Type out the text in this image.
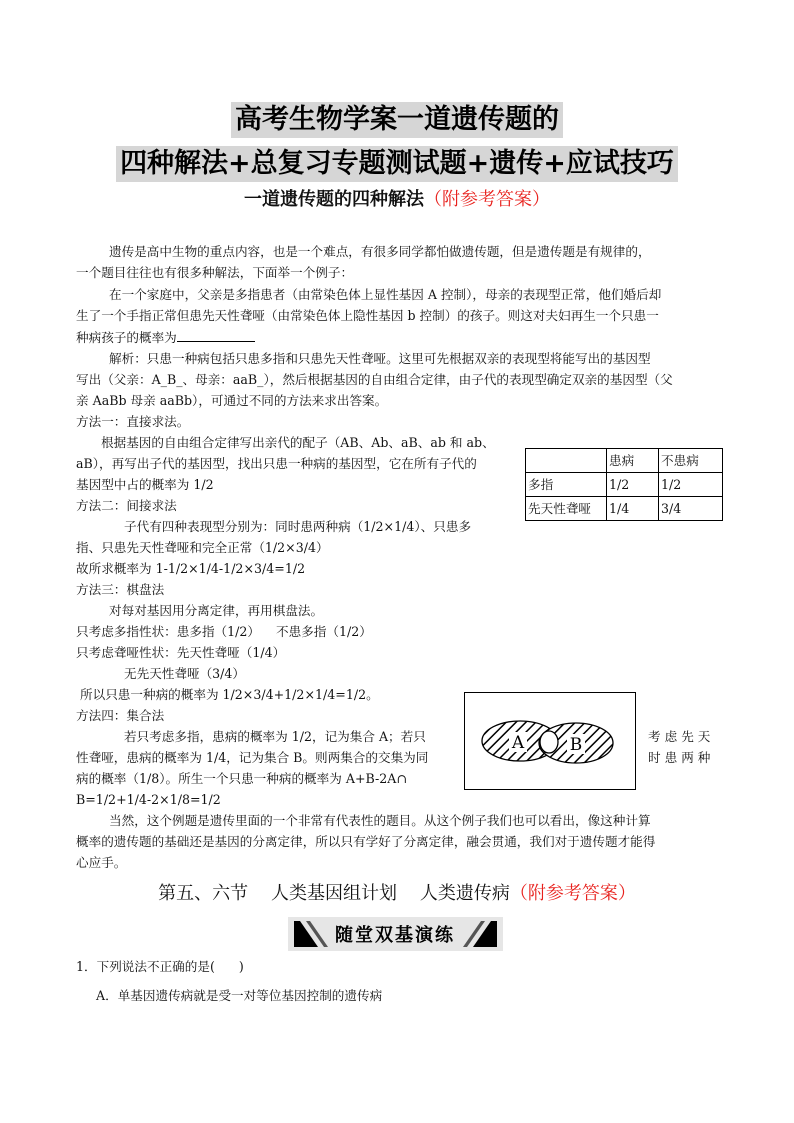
高考生物学案一道遗传题的
四种解法+总复习专题测试题+遗传+应试技巧
一道遗传题的四种解法（附参考答案）
遗传是高中生物的重点内容，也是一个难点，有很多同学都怕做遗传题，但是遗传题是有规律的，
一个题目往往也有很多种解法，下面举一个例子：
在一个家庭中，父亲是多指患者（由常染色体上显性基因 A 控制），母亲的表现型正常，他们婚后却
生了一个手指正常但患先天性聋哑（由常染色体上隐性基因 b 控制）的孩子。则这对夫妇再生一个只患一
种病孩子的概率为
解析：只患一种病包括只患多指和只患先天性聋哑。这里可先根据双亲的表现型将能写出的基因型
写出（父亲：A_B_、母亲：aaB_），然后根据基因的自由组合定律，由子代的表现型确定双亲的基因型（父
亲 AaBb 母亲 aaBb），可通过不同的方法来求出答案。
方法一：直接求法。
根据基因的自由组合定律写出亲代的配子（AB、Ab、aB、ab 和 ab、
aB），再写出子代的基因型，找出只患一种病的基因型，它在所有子代的
基因型中占的概率为 1/2
	患病	不患病
多指	1/2	1/2
先天性聋哑	1/4	3/4
方法二：间接求法
子代有四种表现型分别为：同时患两种病（1/2×1/4）、只患多
指、只患先天性聋哑和完全正常（1/2×3/4）
故所求概率为 1-1/2×1/4-1/2×3/4=1/2
方法三：棋盘法
对每对基因用分离定律，再用棋盘法。
只考虑多指性状：患多指（1/2）    不患多指（1/2）
只考虑聋哑性状：先天性聋哑（1/4）
无先天性聋哑（3/4）
所以只患一种病的概率为 1/2×3/4+1/2×1/4=1/2。
方法四：集合法
若只考虑多指，患病的概率为 1/2，记为集合 A；若只
性聋哑，患病的概率为 1/4，记为集合 B。则两集合的交集为同
病的概率（1/8）。所生一个只患一种病的概率为 A+B-2A∩
B=1/2+1/4-2×1/8=1/2
考 虑 先 天
时 患 两 种
A	B
当然，这个例题是遗传里面的一个非常有代表性的题目。从这个例子我们也可以看出，像这种计算
概率的遗传题的基础还是基因的分离定律，所以只有学好了分离定律，融会贯通，我们对于遗传题才能得
心应手。
第五、六节    人类基因组计划    人类遗传病（附参考答案）
随堂双基演练
1．下列说法不正确的是(      )
A．单基因遗传病就是受一对等位基因控制的遗传病
